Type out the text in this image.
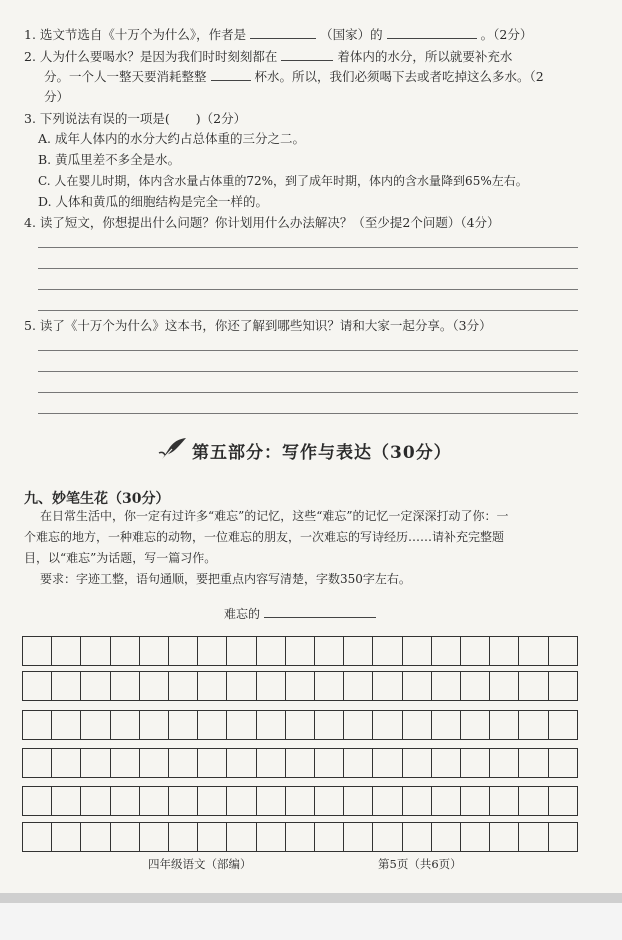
1. 选文节选自《十万个为什么》，作者是	（国家）的	。（2分）
2. 人为什么要喝水？是因为我们时时刻刻都在	着体内的水分，所以就要补充水
分。一个人一整天要消耗整整	杯水。所以，我们必须喝下去或者吃掉这么多水。（2
分）
3. 下列说法有误的一项是( )（2分）
A. 成年人体内的水分大约占总体重的三分之二。
B. 黄瓜里差不多全是水。
C. 人在婴儿时期，体内含水量占体重的72%，到了成年时期，体内的含水量降到65%左右。
D. 人体和黄瓜的细胞结构是完全一样的。
4. 读了短文，你想提出什么问题？你计划用什么办法解决？（至少提2个问题）（4分）
5. 读了《十万个为什么》这本书，你还了解到哪些知识？请和大家一起分享。（3分）
第五部分：写作与表达（30分）
九、妙笔生花（30分）
在日常生活中，你一定有过许多“难忘”的记忆，这些“难忘”的记忆一定深深打动了你：一
个难忘的地方，一种难忘的动物，一位难忘的朋友，一次难忘的写诗经历……请补充完整题
目，以“难忘”为话题，写一篇习作。
要求：字迹工整，语句通顺，要把重点内容写清楚，字数350字左右。
难忘的
四年级语文（部编）	第5页（共6页）
